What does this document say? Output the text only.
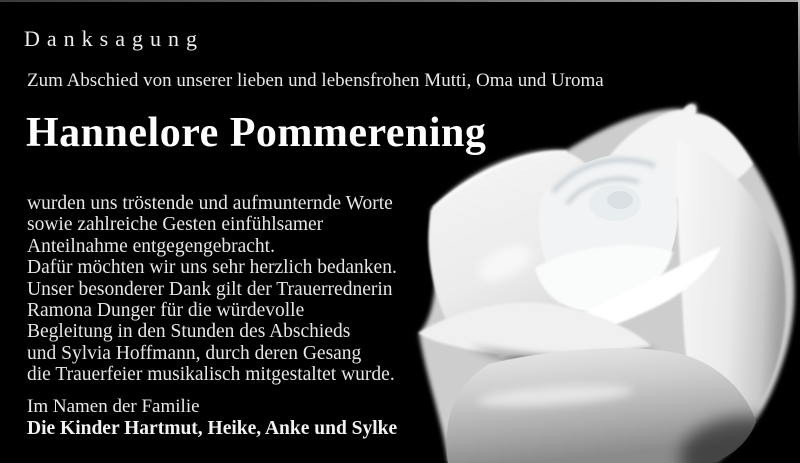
Danksagung
Zum Abschied von unserer lieben und lebensfrohen Mutti, Oma und Uroma
Hannelore Pommerening
wurden uns tröstende und aufmunternde Worte
sowie zahlreiche Gesten einfühlsamer
Anteilnahme entgegengebracht.
Dafür möchten wir uns sehr herzlich bedanken.
Unser besonderer Dank gilt der Trauerrednerin
Ramona Dunger für die würdevolle
Begleitung in den Stunden des Abschieds
und Sylvia Hoffmann, durch deren Gesang
die Trauerfeier musikalisch mitgestaltet wurde.
Im Namen der Familie
Die Kinder Hartmut, Heike, Anke und Sylke
